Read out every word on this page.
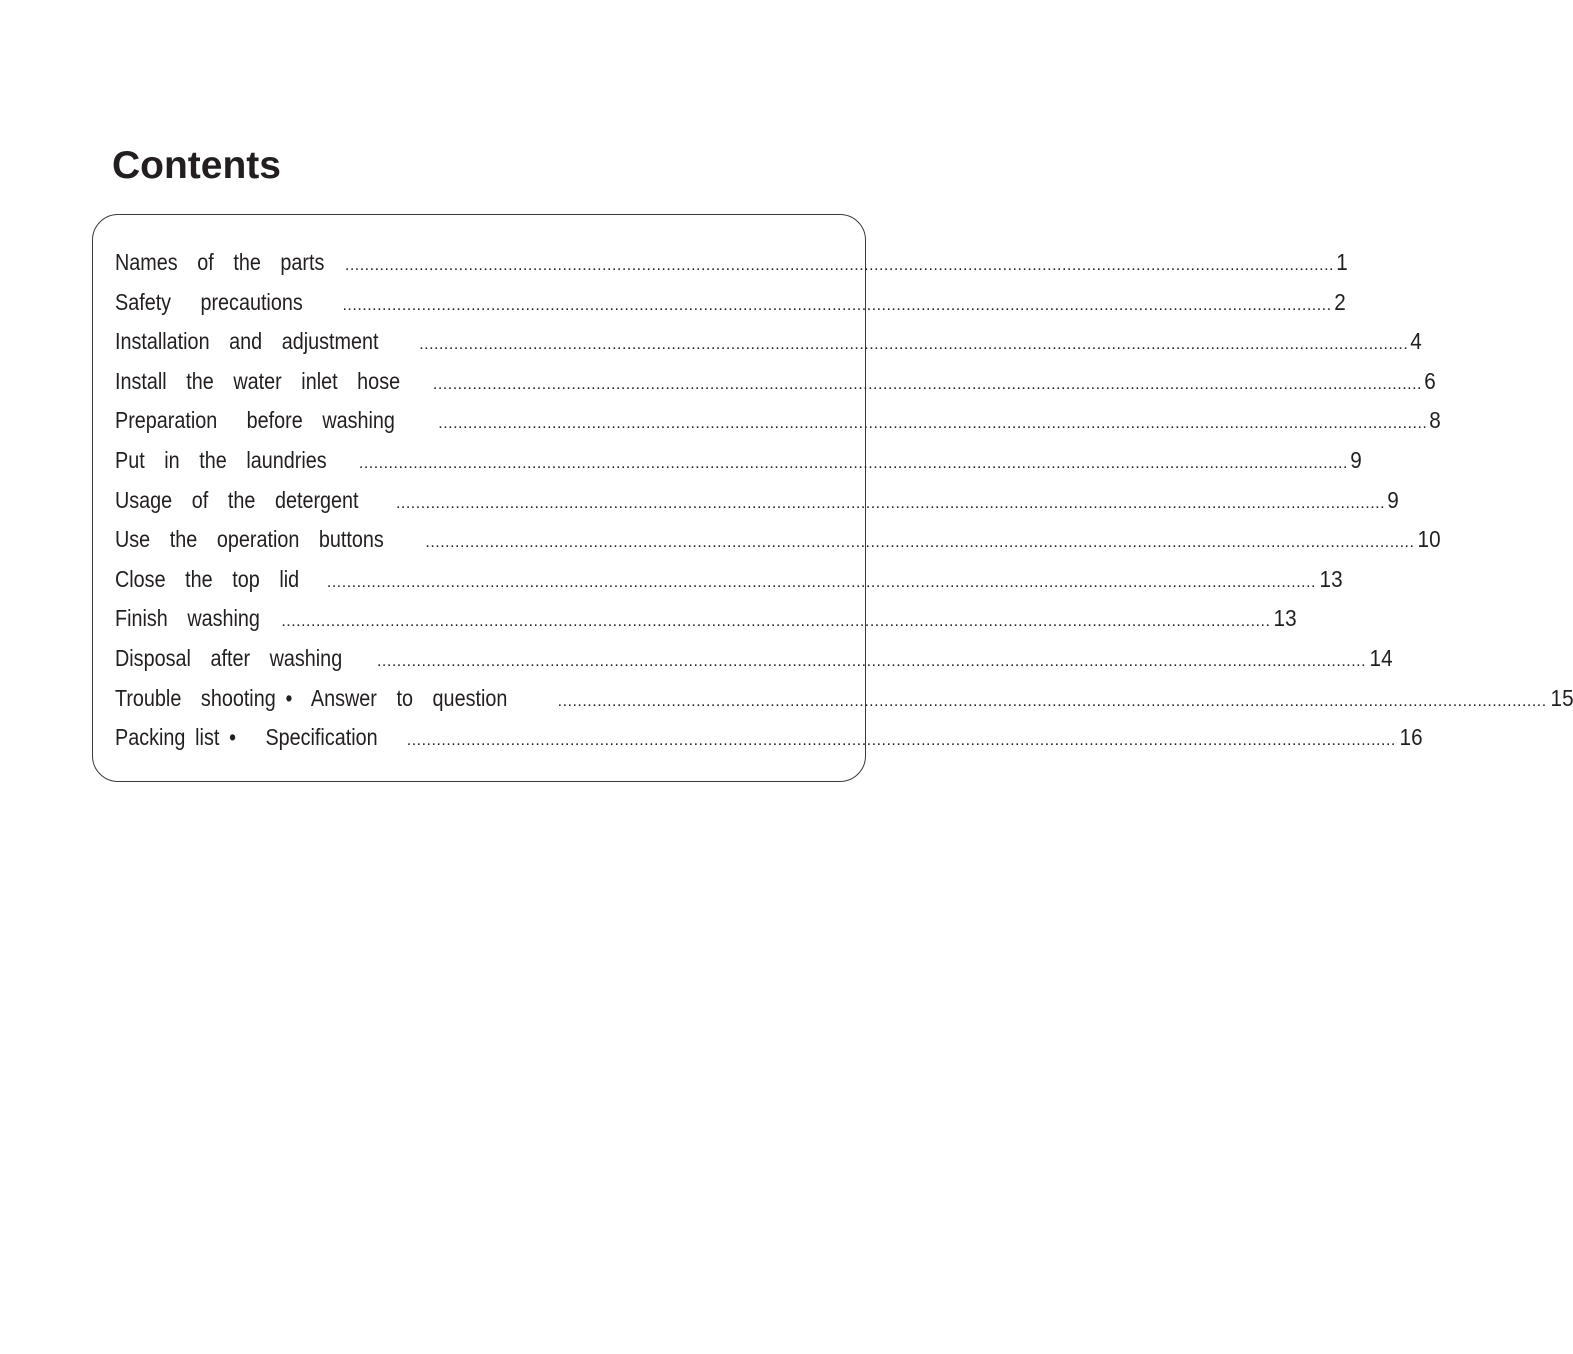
Contents
Names  of  the  parts ........................................................................................................................................................................................................ 1
Safety   precautions ........................................................................................................................................................................................................ 2
Installation  and  adjustment ........................................................................................................................................................................................................ 4
Install  the  water  inlet  hose ........................................................................................................................................................................................................ 6
Preparation   before  washing ........................................................................................................................................................................................................ 8
Put  in  the  laundries ........................................................................................................................................................................................................ 9
Usage  of  the  detergent ........................................................................................................................................................................................................ 9
Use  the  operation  buttons ........................................................................................................................................................................................................ 10
Close  the  top  lid ........................................................................................................................................................................................................ 13
Finish  washing ........................................................................................................................................................................................................ 13
Disposal  after  washing ........................................................................................................................................................................................................ 14
Trouble  shooting •  Answer  to  question	........................................................................................................................................................................................................ 15
Packing list •   Specification ........................................................................................................................................................................................................ 16
